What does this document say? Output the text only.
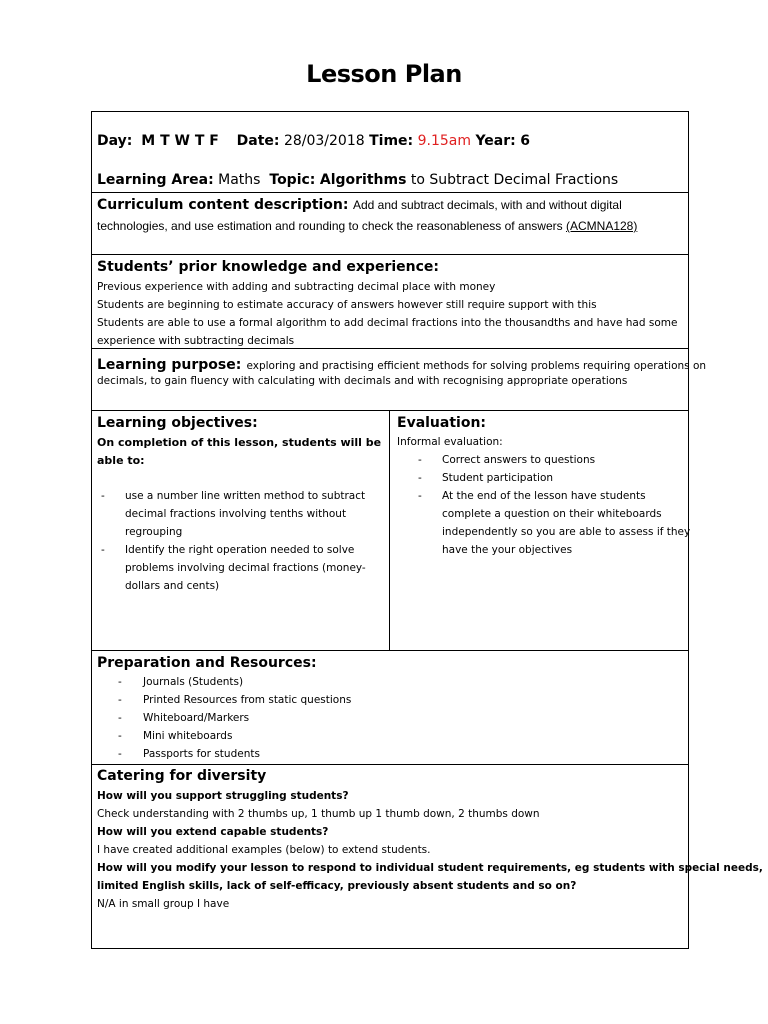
Lesson Plan
Day: M T W T F Date: 28/03/2018 Time: 9.15am Year: 6
Learning Area: Maths Topic: Algorithms to Subtract Decimal Fractions
Curriculum content description: Add and subtract decimals, with and without digital
technologies, and use estimation and rounding to check the reasonableness of answers (ACMNA128)
Students’ prior knowledge and experience:
Previous experience with adding and subtracting decimal place with money
Students are beginning to estimate accuracy of answers however still require support with this
Students are able to use a formal algorithm to add decimal fractions into the thousandths and have had some
experience with subtracting decimals
Learning purpose: exploring and practising efficient methods for solving problems requiring operations on
decimals, to gain fluency with calculating with decimals and with recognising appropriate operations
Learning objectives:
On completion of this lesson, students will be
able to:
- use a number line written method to subtract
decimal fractions involving tenths without
regrouping
- Identify the right operation needed to solve
problems involving decimal fractions (money-
dollars and cents)
Evaluation:
Informal evaluation:
- Correct answers to questions
- Student participation
- At the end of the lesson have students
complete a question on their whiteboards
independently so you are able to assess if they
have the your objectives
Preparation and Resources:
- Journals (Students)
- Printed Resources from static questions
- Whiteboard/Markers
- Mini whiteboards
- Passports for students
Catering for diversity
How will you support struggling students?
Check understanding with 2 thumbs up, 1 thumb up 1 thumb down, 2 thumbs down
How will you extend capable students?
I have created additional examples (below) to extend students.
How will you modify your lesson to respond to individual student requirements, eg students with special needs,
limited English skills, lack of self-efficacy, previously absent students and so on?
N/A in small group I have
